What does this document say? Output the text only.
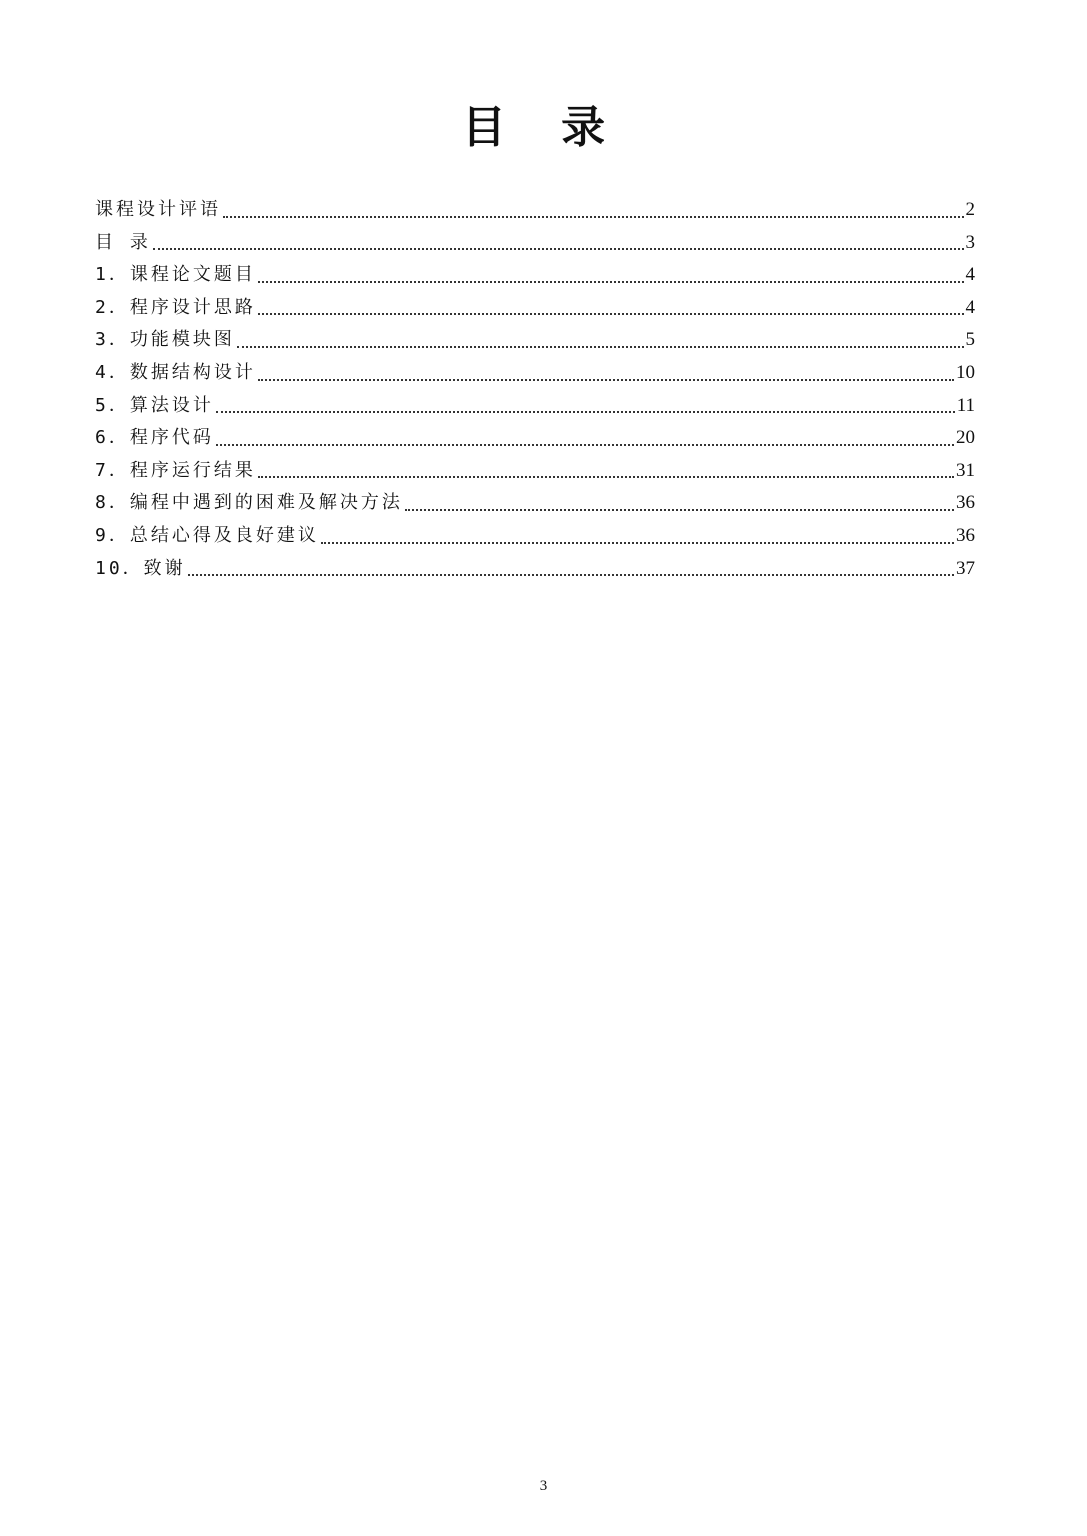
目 录
课程设计评语	2
目 录	3
1．课程论文题目	4
2．程序设计思路	4
3．功能模块图	5
4．数据结构设计	10
5．算法设计	11
6．程序代码	20
7．程序运行结果	31
8．编程中遇到的困难及解决方法	36
9．总结心得及良好建议	36
10．致谢	37
3
